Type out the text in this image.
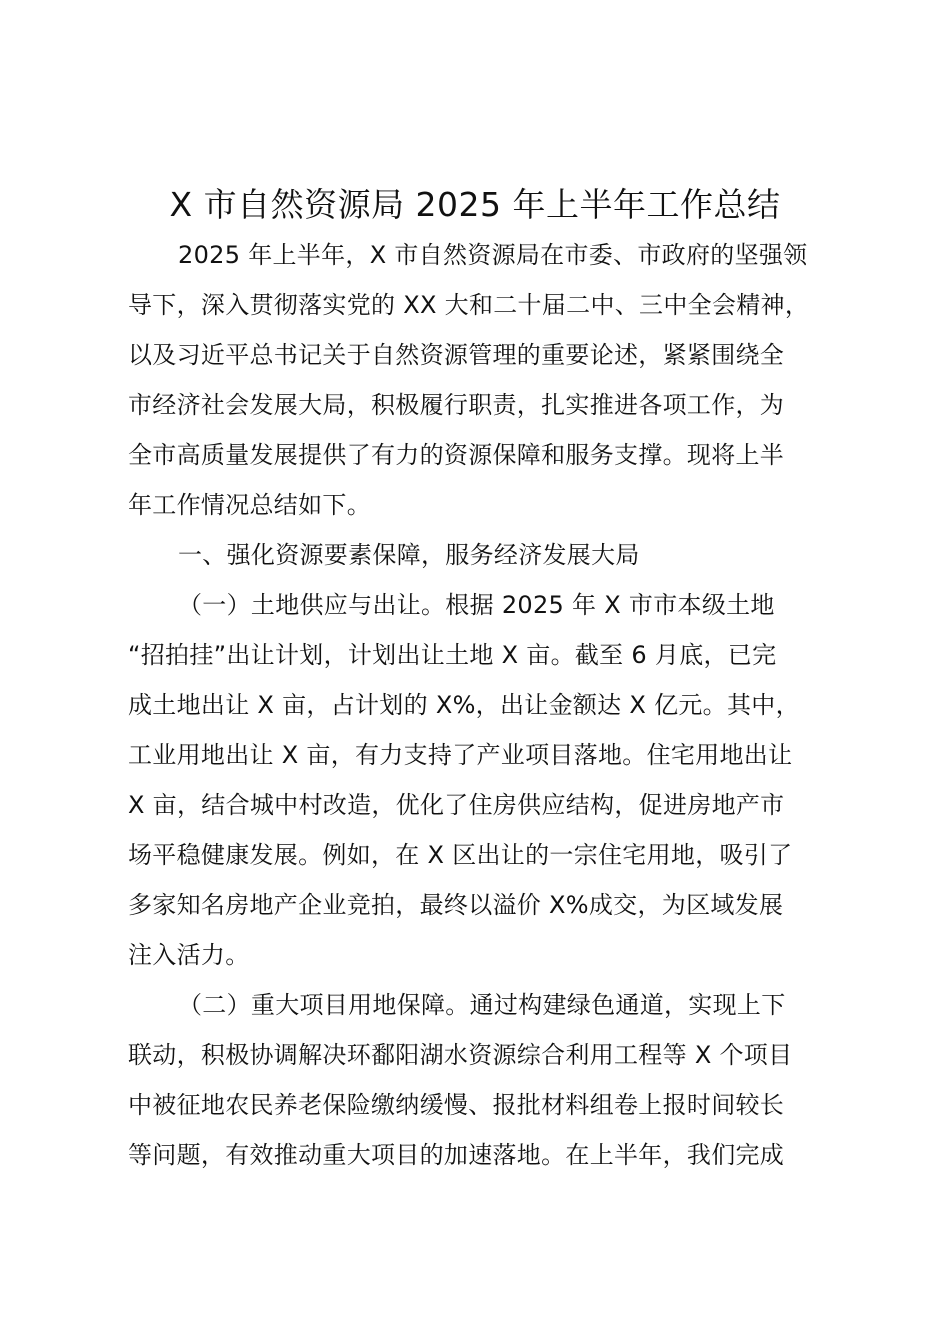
X 市自然资源局 2025 年上半年工作总结
2025 年上半年，X 市自然资源局在市委、市政府的坚强领
导下，深入贯彻落实党的 XX 大和二十届二中、三中全会精神，
以及习近平总书记关于自然资源管理的重要论述，紧紧围绕全
市经济社会发展大局，积极履行职责，扎实推进各项工作，为
全市高质量发展提供了有力的资源保障和服务支撑。现将上半
年工作情况总结如下。
一、强化资源要素保障，服务经济发展大局
（一）土地供应与出让。根据 2025 年 X 市市本级土地
“招拍挂”出让计划，计划出让土地 X 亩。截至 6 月底，已完
成土地出让 X 亩，占计划的 X%，出让金额达 X 亿元。其中，
工业用地出让 X 亩，有力支持了产业项目落地。住宅用地出让
X 亩，结合城中村改造，优化了住房供应结构，促进房地产市
场平稳健康发展。例如，在 X 区出让的一宗住宅用地，吸引了
多家知名房地产企业竞拍，最终以溢价 X%成交，为区域发展
注入活力。
（二）重大项目用地保障。通过构建绿色通道，实现上下
联动，积极协调解决环鄱阳湖水资源综合利用工程等 X 个项目
中被征地农民养老保险缴纳缓慢、报批材料组卷上报时间较长
等问题，有效推动重大项目的加速落地。在上半年，我们完成
